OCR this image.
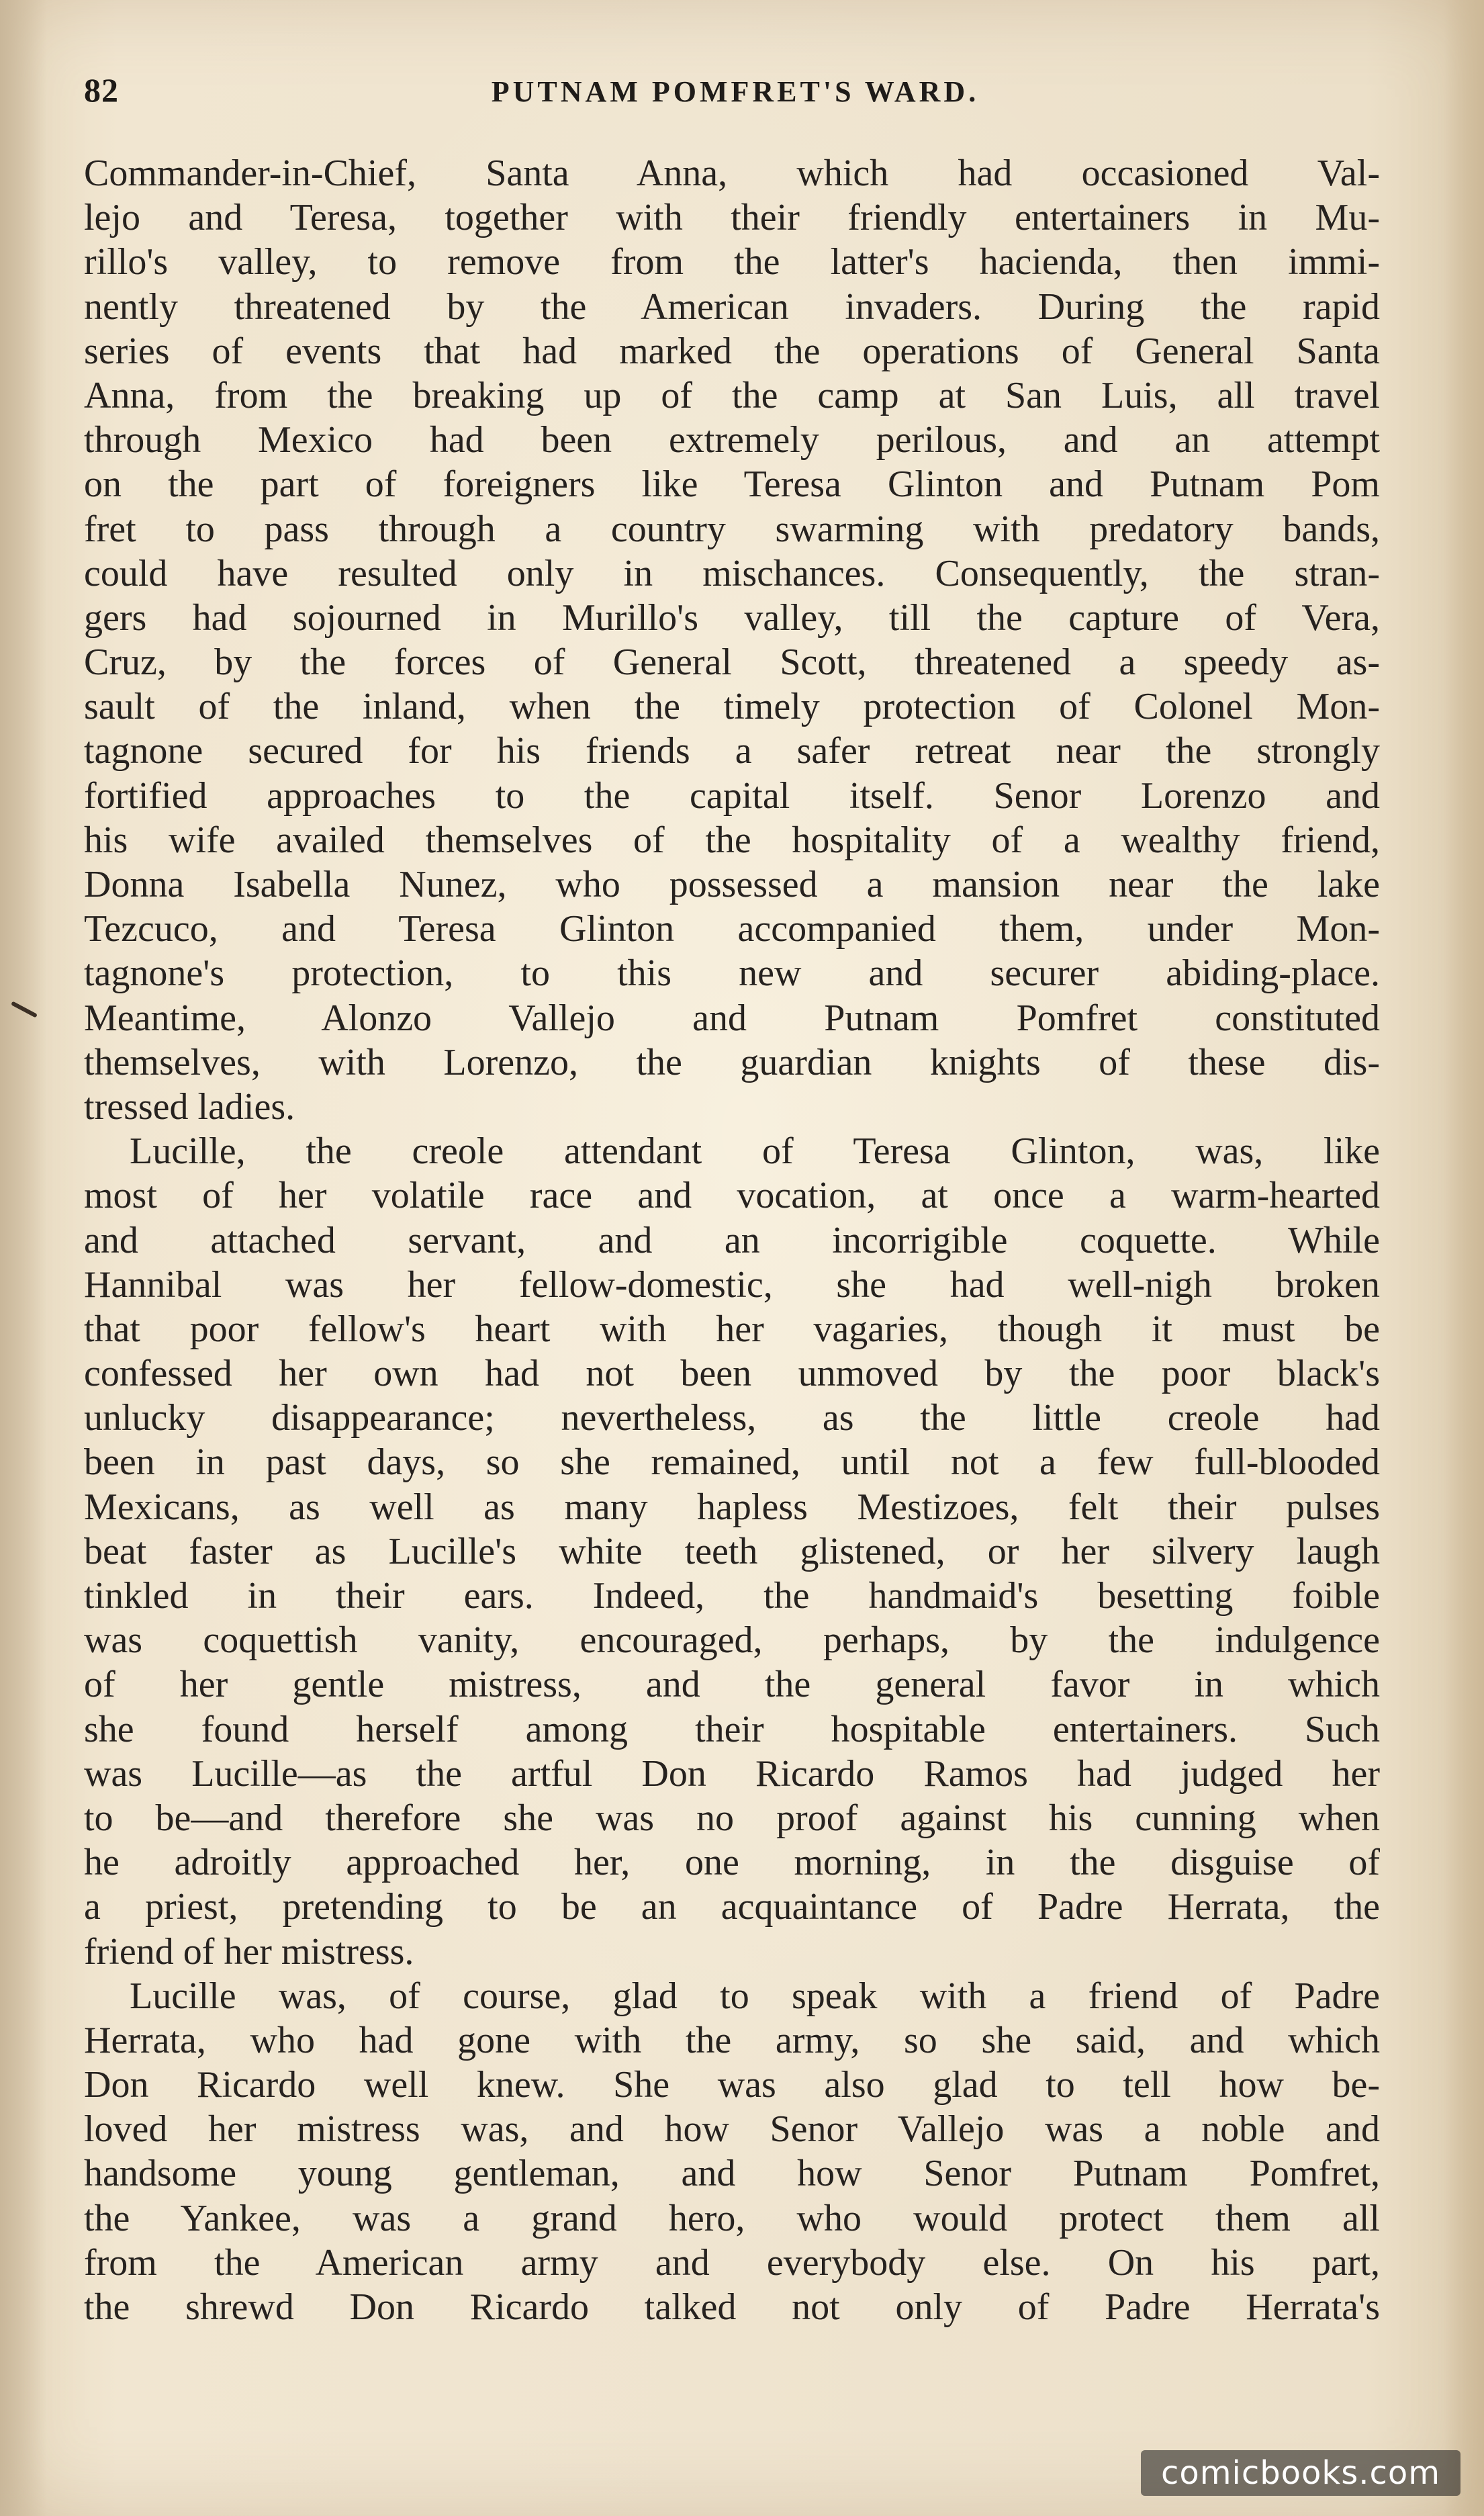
82	PUTNAM POMFRET'S WARD.
Commander-in-Chief, Santa Anna, which had occasioned Val-
lejo and Teresa, together with their friendly entertainers in Mu-
rillo's valley, to remove from the latter's hacienda, then immi-
nently threatened by the American invaders. During the rapid
series of events that had marked the operations of General Santa
Anna, from the breaking up of the camp at San Luis, all travel
through Mexico had been extremely perilous, and an attempt
on the part of foreigners like Teresa Glinton and Putnam Pom
fret to pass through a country swarming with predatory bands,
could have resulted only in mischances. Consequently, the stran-
gers had sojourned in Murillo's valley, till the capture of Vera,
Cruz, by the forces of General Scott, threatened a speedy as-
sault of the inland, when the timely protection of Colonel Mon-
tagnone secured for his friends a safer retreat near the strongly
fortified approaches to the capital itself. Senor Lorenzo and
his wife availed themselves of the hospitality of a wealthy friend,
Donna Isabella Nunez, who possessed a mansion near the lake
Tezcuco, and Teresa Glinton accompanied them, under Mon-
tagnone's protection, to this new and securer abiding-place.
Meantime, Alonzo Vallejo and Putnam Pomfret constituted
themselves, with Lorenzo, the guardian knights of these dis-
tressed ladies.
Lucille, the creole attendant of Teresa Glinton, was, like
most of her volatile race and vocation, at once a warm-hearted
and attached servant, and an incorrigible coquette. While
Hannibal was her fellow-domestic, she had well-nigh broken
that poor fellow's heart with her vagaries, though it must be
confessed her own had not been unmoved by the poor black's
unlucky disappearance; nevertheless, as the little creole had
been in past days, so she remained, until not a few full-blooded
Mexicans, as well as many hapless Mestizoes, felt their pulses
beat faster as Lucille's white teeth glistened, or her silvery laugh
tinkled in their ears. Indeed, the handmaid's besetting foible
was coquettish vanity, encouraged, perhaps, by the indulgence
of her gentle mistress, and the general favor in which
she found herself among their hospitable entertainers. Such
was Lucille—as the artful Don Ricardo Ramos had judged her
to be—and therefore she was no proof against his cunning when
he adroitly approached her, one morning, in the disguise of
a priest, pretending to be an acquaintance of Padre Herrata, the
friend of her mistress.
Lucille was, of course, glad to speak with a friend of Padre
Herrata, who had gone with the army, so she said, and which
Don Ricardo well knew. She was also glad to tell how be-
loved her mistress was, and how Senor Vallejo was a noble and
handsome young gentleman, and how Senor Putnam Pomfret,
the Yankee, was a grand hero, who would protect them all
from the American army and everybody else. On his part,
the shrewd Don Ricardo talked not only of Padre Herrata's
comicbooks.com
